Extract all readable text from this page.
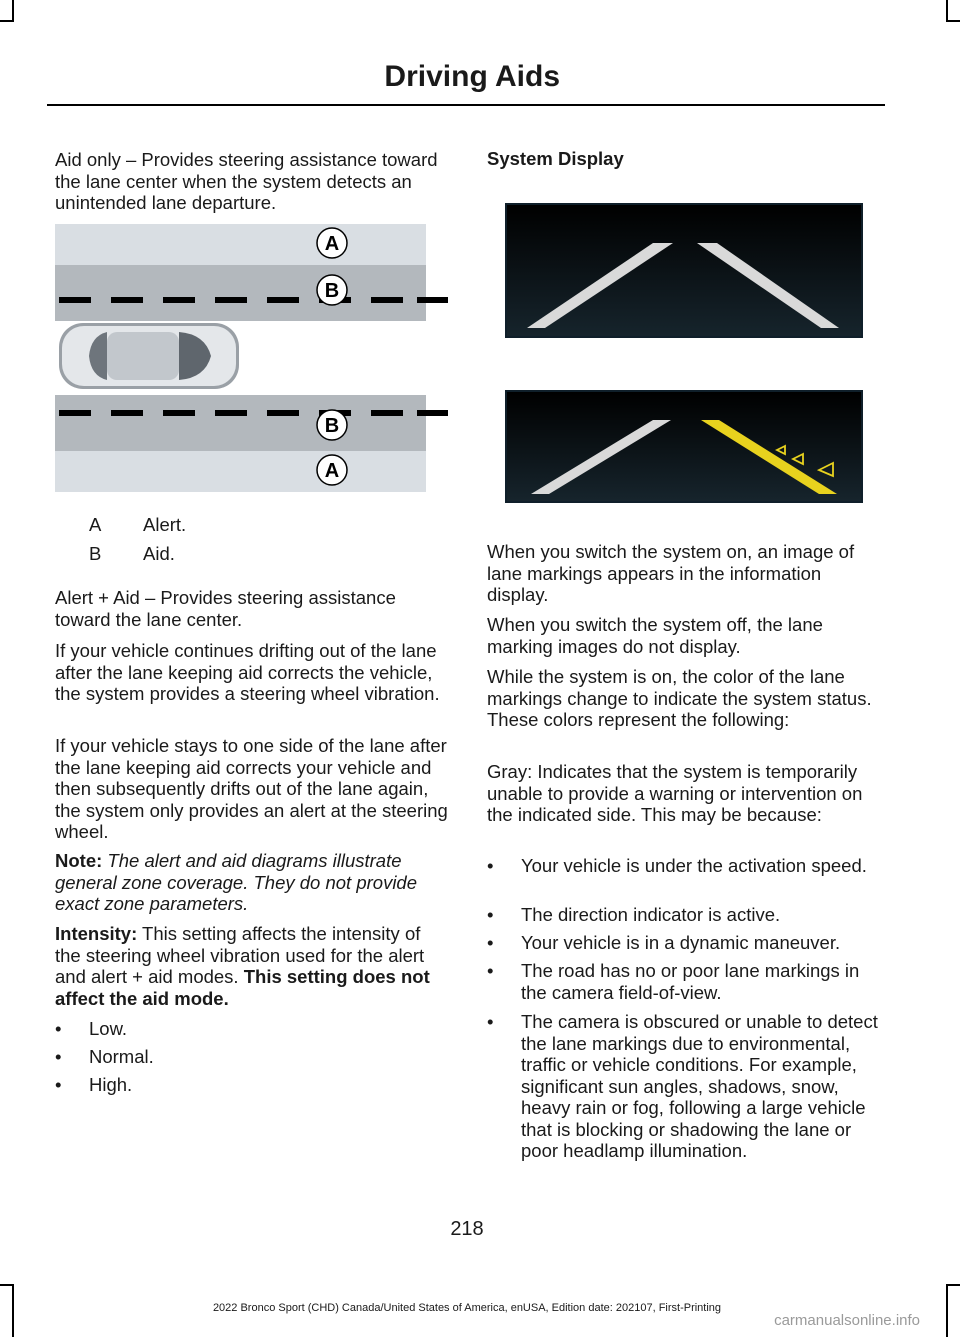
Driving Aids

Aid only – Provides steering assistance toward the lane center when the system detects an unintended lane departure.

A
B
B
A
A Alert.
B Aid.

Alert + Aid – Provides steering assistance toward the lane center.

If your vehicle continues drifting out of the lane after the lane keeping aid corrects the vehicle, the system provides a steering wheel vibration.

If your vehicle stays to one side of the lane after the lane keeping aid corrects your vehicle and then subsequently drifts out of the lane again, the system only provides an alert at the steering wheel.

Note: The alert and aid diagrams illustrate general zone coverage. They do not provide exact zone parameters.

Intensity: This setting affects the intensity of the steering wheel vibration used for the alert and alert + aid modes. This setting does not affect the aid mode.

• Low.
• Normal.
• High.
System Display

When you switch the system on, an image of lane markings appears in the information display.

When you switch the system off, the lane marking images do not display.

While the system is on, the color of the lane markings change to indicate the system status. These colors represent the following:

Gray: Indicates that the system is temporarily unable to provide a warning or intervention on the indicated side. This may be because:

• Your vehicle is under the activation speed.
• The direction indicator is active.
• Your vehicle is in a dynamic maneuver.
• The road has no or poor lane markings in the camera field-of-view.
• The camera is obscured or unable to detect the lane markings due to environmental, traffic or vehicle conditions. For example, significant sun angles, shadows, snow, heavy rain or fog, following a large vehicle that is blocking or shadowing the lane or poor headlamp illumination.
218
2022 Bronco Sport (CHD) Canada/United States of America, enUSA, Edition date: 202107, First-Printing
carmanualsonline.info
